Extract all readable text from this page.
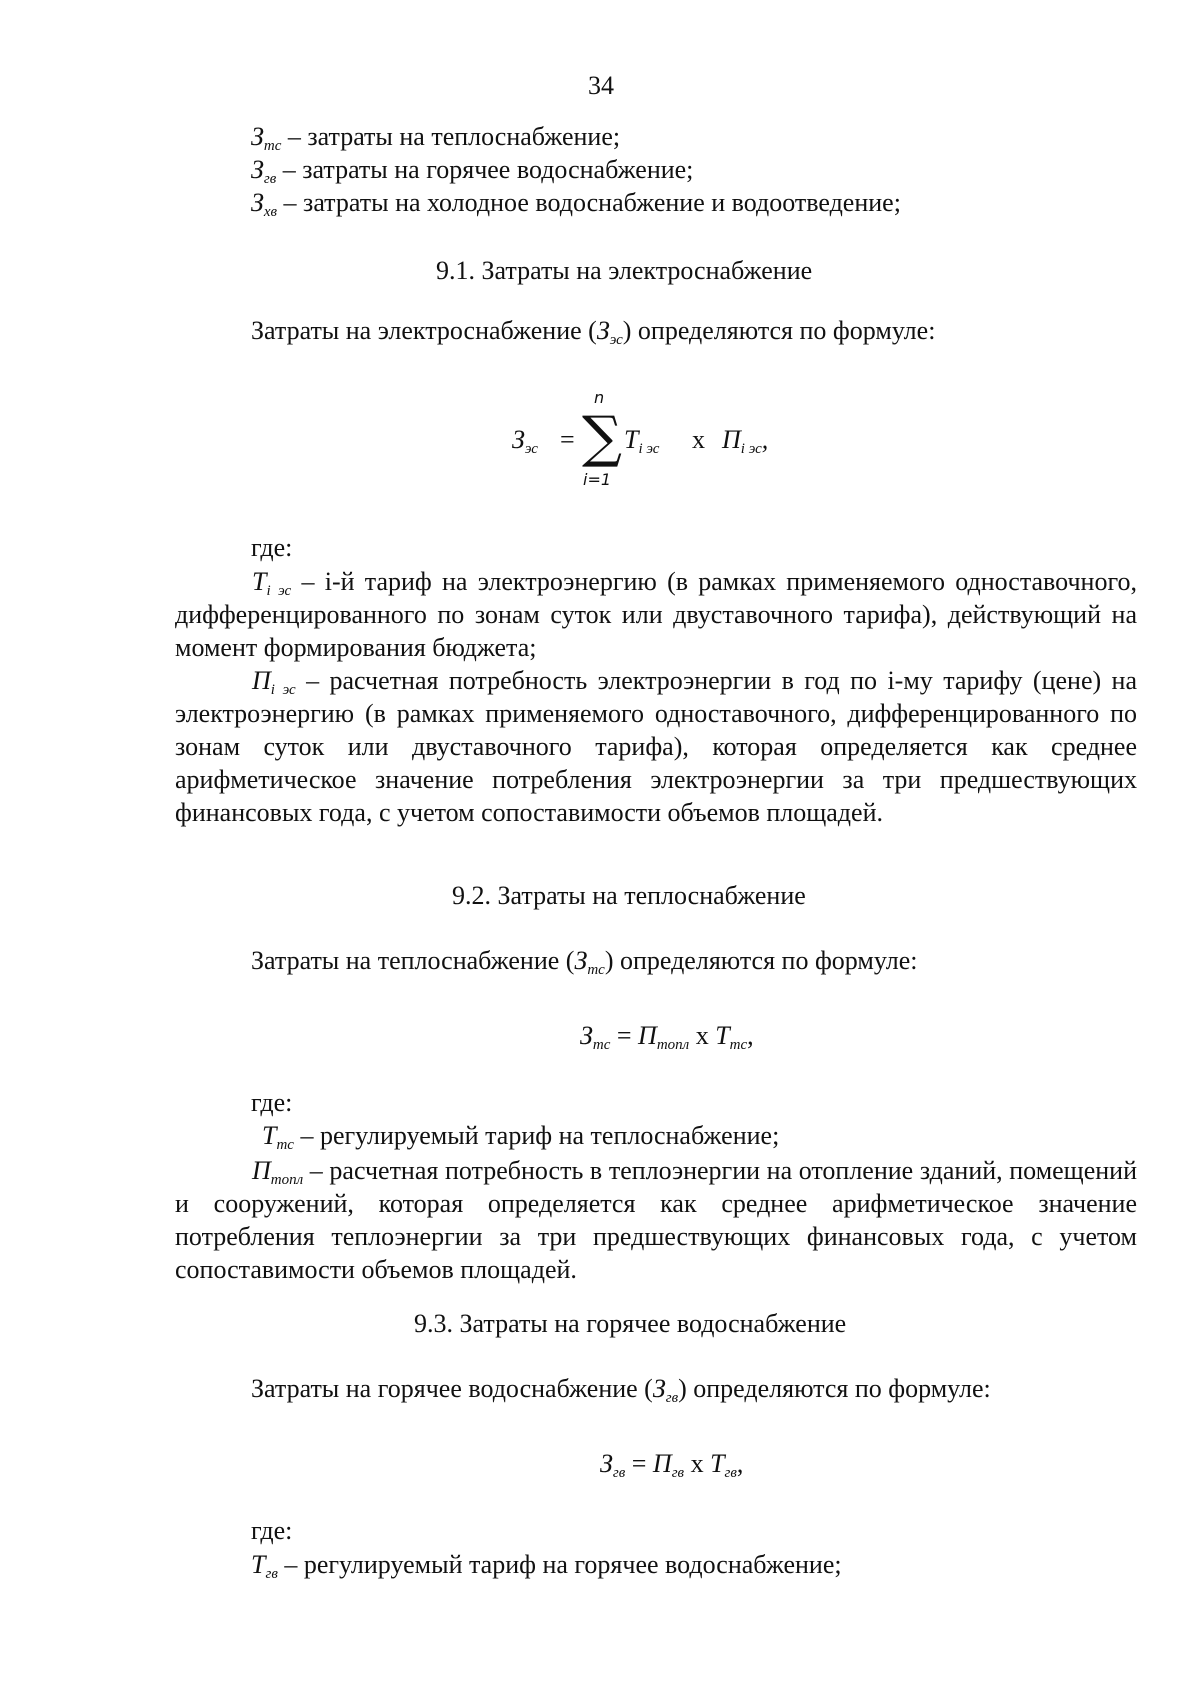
34
$З_{тс}$ – затраты на теплоснабжение;
$З_{гв}$ – затраты на горячее водоснабжение;
$З_{хв}$ – затраты на холодное водоснабжение и водоотведение;
9.1. Затраты на электроснабжение
Затраты на электроснабжение $(З_{эс})$ определяются по формуле:
$З_{эс}$ =
n
∑
i=1
$T_{i эс}$ x $П_{i эс}$,
где:
$T_{i эс} - i-й$ тариф на электроэнергию (в рамках применяемого одноставочного, дифференцированного по зонам суток или двуставочного тарифа), действующий на момент формирования бюджета;
$П_{i эс}$ – расчетная потребность электроэнергии в год по i-му тарифу (цене) на электроэнергию (в рамках применяемого одноставочного, дифференцированного по зонам суток или двуставочного тарифа), которая определяется как среднее арифметическое значение потребления электроэнергии за три предшествующих финансовых года, с учетом сопоставимости объемов площадей.
9.2. Затраты на теплоснабжение
Затраты на теплоснабжение $(З_{тс})$ определяются по формуле:
$З_{тс} = П_{топл}$ x $T_{тс}$,
где:
$T_{тс}$ – регулируемый тариф на теплоснабжение;
$П_{топл}$ – расчетная потребность в теплоэнергии на отопление зданий, помещений и сооружений, которая определяется как среднее арифметическое значение потребления теплоэнергии за три предшествующих финансовых года, с учетом сопоставимости объемов площадей.
9.3. Затраты на горячее водоснабжение
Затраты на горячее водоснабжение $(З_{гв})$ определяются по формуле:
$З_{гв} = П_{гв}$ x $T_{гв}$,
где:
$T_{гв}$ – регулируемый тариф на горячее водоснабжение;
